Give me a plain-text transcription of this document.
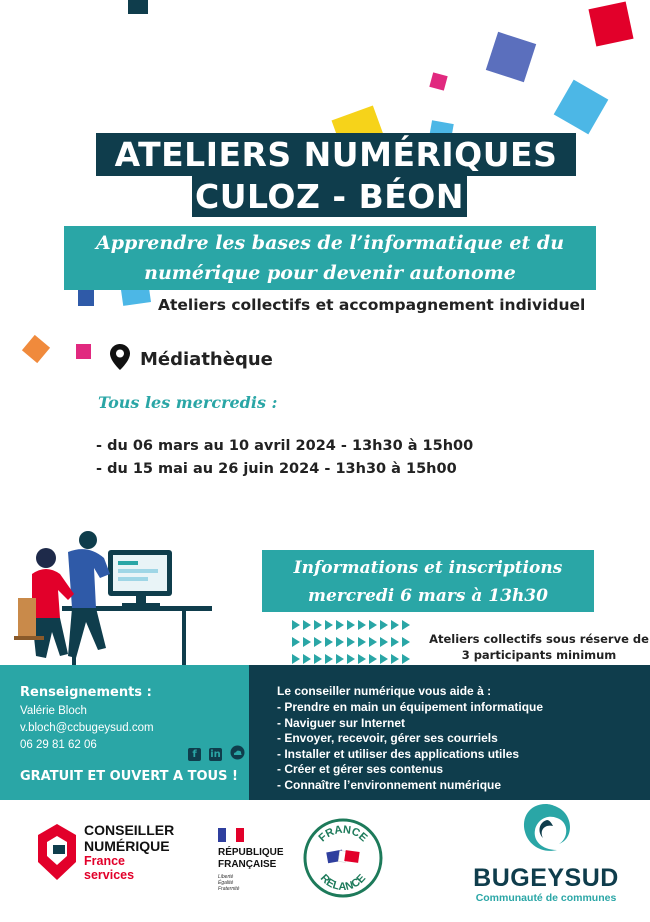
ATELIERS NUMÉRIQUES
CULOZ - BÉON
Apprendre les bases de l’informatique et du
numérique pour devenir autonome
Ateliers collectifs et accompagnement individuel
Médiathèque
Tous les mercredis :
- du 06 mars au 10 avril 2024 - 13h30 à 15h00
- du 15 mai au 26 juin 2024 - 13h30 à 15h00
Informations et inscriptions
mercredi 6 mars à 13h30
Ateliers collectifs sous réserve de
3 participants minimum
Renseignements :
Valérie Bloch
v.bloch@ccbugeysud.com
06 29 81 62 06
f	in
GRATUIT ET OUVERT A TOUS !
Le conseiller numérique vous aide à :
- Prendre en main un équipement informatique
- Naviguer sur Internet
- Envoyer, recevoir, gérer ses courriels
- Installer et utiliser des applications utiles
- Créer et gérer ses contenus
- Connaître l’environnement numérique
CONSEILLER
NUMÉRIQUE
France
services
RÉPUBLIQUE
FRANÇAISE
Liberté
Égalité
Fraternité
FRANCE
RELANCE	BUGEYSUD
Communauté de communes
